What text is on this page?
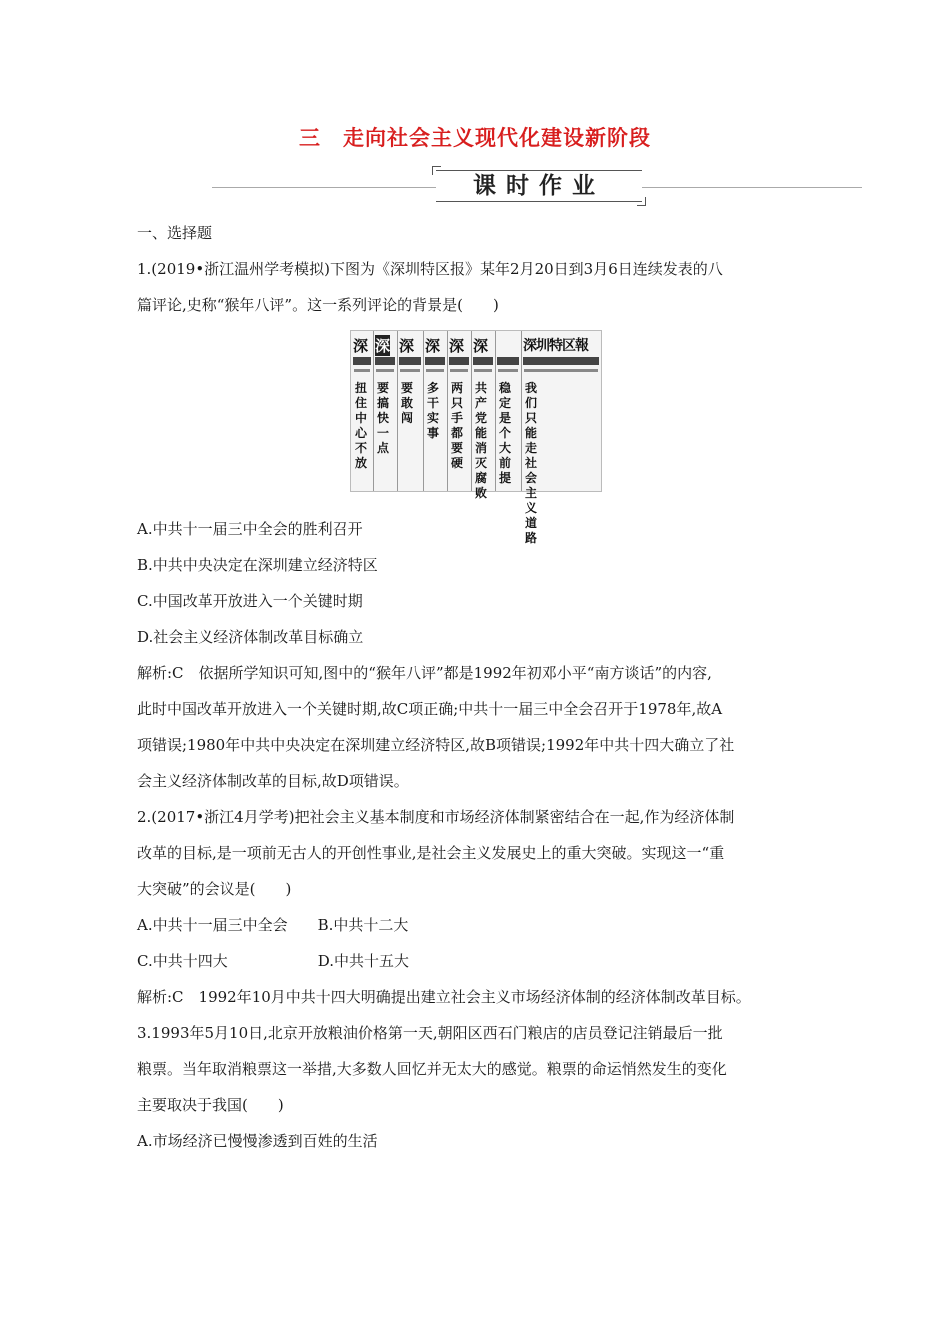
三　走向社会主义现代化建设新阶段
课时作业
一、选择题
1.(2019•浙江温州学考模拟)下图为《深圳特区报》某年2月20日到3月6日连续发表的八
篇评论,史称“猴年八评”。这一系列评论的背景是(　　)
深
扭住中心不放
深
要搞快一点
深
要敢闯
深
多干实事
深
两只手都要硬
深
共产党能消灭腐败
稳定是个大前提
深圳特区報
我们只能走社会主义道路
A.中共十一届三中全会的胜利召开
B.中共中央决定在深圳建立经济特区
C.中国改革开放进入一个关键时期
D.社会主义经济体制改革目标确立
解析:C　依据所学知识可知,图中的“猴年八评”都是1992年初邓小平“南方谈话”的内容,
此时中国改革开放进入一个关键时期,故C项正确;中共十一届三中全会召开于1978年,故A
项错误;1980年中共中央决定在深圳建立经济特区,故B项错误;1992年中共十四大确立了社
会主义经济体制改革的目标,故D项错误。
2.(2017•浙江4月学考)把社会主义基本制度和市场经济体制紧密结合在一起,作为经济体制
改革的目标,是一项前无古人的开创性事业,是社会主义发展史上的重大突破。实现这一“重
大突破”的会议是(　　)
A.中共十一届三中全会　　B.中共十二大
C.中共十四大　　　　　　D.中共十五大
解析:C　1992年10月中共十四大明确提出建立社会主义市场经济体制的经济体制改革目标。
3.1993年5月10日,北京开放粮油价格第一天,朝阳区西石门粮店的店员登记注销最后一批
粮票。当年取消粮票这一举措,大多数人回忆并无太大的感觉。粮票的命运悄然发生的变化
主要取决于我国(　　)
A.市场经济已慢慢渗透到百姓的生活
